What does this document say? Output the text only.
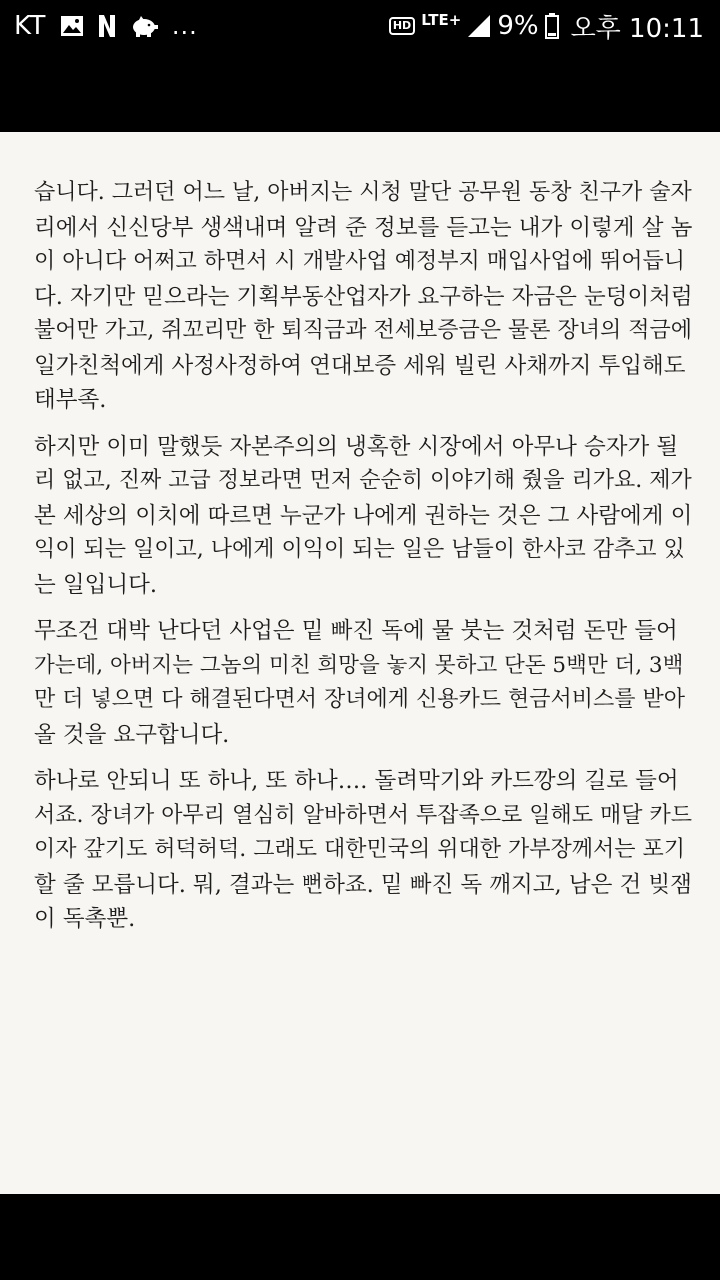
KT	...	HD LTE+ 9% 오후 10:11
습니다. 그러던 어느 날, 아버지는 시청 말단 공무원 동창 친구가 술자
리에서 신신당부 생색내며 알려 준 정보를 듣고는 내가 이렇게 살 놈
이 아니다 어쩌고 하면서 시 개발사업 예정부지 매입사업에 뛰어듭니
다. 자기만 믿으라는 기획부동산업자가 요구하는 자금은 눈덩이처럼
불어만 가고, 쥐꼬리만 한 퇴직금과 전세보증금은 물론 장녀의 적금에
일가친척에게 사정사정하여 연대보증 세워 빌린 사채까지 투입해도
태부족.
하지만 이미 말했듯 자본주의의 냉혹한 시장에서 아무나 승자가 될
리 없고, 진짜 고급 정보라면 먼저 순순히 이야기해 줬을 리가요. 제가
본 세상의 이치에 따르면 누군가 나에게 권하는 것은 그 사람에게 이
익이 되는 일이고, 나에게 이익이 되는 일은 남들이 한사코 감추고 있
는 일입니다.
무조건 대박 난다던 사업은 밑 빠진 독에 물 붓는 것처럼 돈만 들어
가는데, 아버지는 그놈의 미친 희망을 놓지 못하고 단돈 5백만 더, 3백
만 더 넣으면 다 해결된다면서 장녀에게 신용카드 현금서비스를 받아
올 것을 요구합니다.
하나로 안되니 또 하나, 또 하나…. 돌려막기와 카드깡의 길로 들어
서죠. 장녀가 아무리 열심히 알바하면서 투잡족으로 일해도 매달 카드
이자 갚기도 허덕허덕. 그래도 대한민국의 위대한 가부장께서는 포기
할 줄 모릅니다. 뭐, 결과는 뻔하죠. 밑 빠진 독 깨지고, 남은 건 빚잼
이 독촉뿐.
